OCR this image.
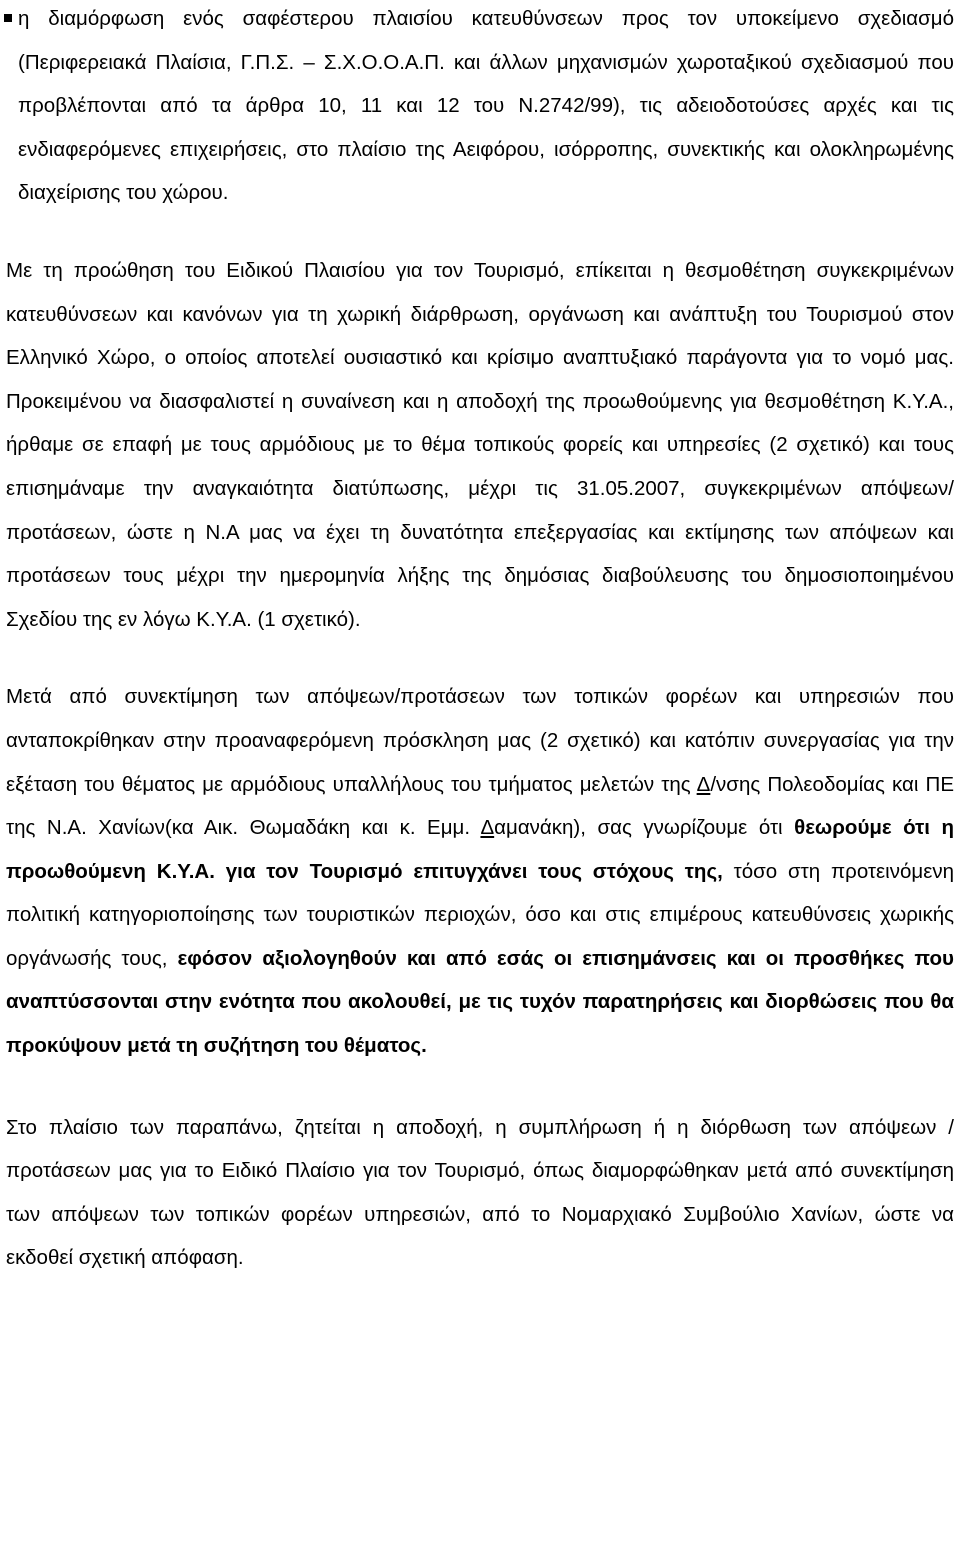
η διαμόρφωση ενός σαφέστερου πλαισίου κατευθύνσεων προς τον υποκείμενο σχεδιασμό (Περιφερειακά Πλαίσια, Γ.Π.Σ. – Σ.Χ.Ο.Ο.Α.Π. και άλλων μηχανισμών χωροταξικού σχεδιασμού που προβλέπονται από τα άρθρα 10, 11 και 12 του Ν.2742/99), τις αδειοδοτούσες αρχές και τις ενδιαφερόμενες επιχειρήσεις, στο πλαίσιο της Αειφόρου, ισόρροπης, συνεκτικής και ολοκληρωμένης διαχείρισης του χώρου.

Με τη προώθηση του Ειδικού Πλαισίου για τον Τουρισμό, επίκειται η θεσμοθέτηση συγκεκριμένων κατευθύνσεων και κανόνων για τη χωρική διάρθρωση, οργάνωση και ανάπτυξη του Τουρισμού στον Ελληνικό Χώρο, ο οποίος αποτελεί ουσιαστικό και κρίσιμο αναπτυξιακό παράγοντα για το νομό μας. Προκειμένου να διασφαλιστεί η συναίνεση και η αποδοχή της προωθούμενης για θεσμοθέτηση Κ.Υ.Α., ήρθαμε σε επαφή με τους αρμόδιους με το θέμα τοπικούς φορείς και υπηρεσίες (2 σχετικό) και τους επισημάναμε την αναγκαιότητα διατύπωσης, μέχρι τις 31.05.2007, συγκεκριμένων απόψεων/προτάσεων, ώστε η Ν.Α μας να έχει τη δυνατότητα επεξεργασίας και εκτίμησης των απόψεων και προτάσεων τους μέχρι την ημερομηνία λήξης της δημόσιας διαβούλευσης του δημοσιοποιημένου Σχεδίου της εν λόγω Κ.Υ.Α. (1 σχετικό).

Μετά από συνεκτίμηση των απόψεων/προτάσεων των τοπικών φορέων και υπηρεσιών που ανταποκρίθηκαν στην προαναφερόμενη πρόσκληση μας (2 σχετικό) και κατόπιν συνεργασίας για την εξέταση του θέματος με αρμόδιους υπαλλήλους του τμήματος μελετών της Δ/νσης Πολεοδομίας και ΠΕ της Ν.Α. Χανίων(κα Αικ. Θωμαδάκη και κ. Εμμ. Δαμανάκη), σας γνωρίζουμε ότι θεωρούμε ότι η προωθούμενη Κ.Υ.Α. για τον Τουρισμό επιτυγχάνει τους στόχους της, τόσο στη προτεινόμενη πολιτική κατηγοριοποίησης των τουριστικών περιοχών, όσο και στις επιμέρους κατευθύνσεις χωρικής οργάνωσής τους, εφόσον αξιολογηθούν και από εσάς οι επισημάνσεις και οι προσθήκες που αναπτύσσονται στην ενότητα που ακολουθεί, με τις τυχόν παρατηρήσεις και διορθώσεις που θα προκύψουν μετά τη συζήτηση του θέματος.

Στο πλαίσιο των παραπάνω, ζητείται η αποδοχή, η συμπλήρωση ή η διόρθωση των απόψεων / προτάσεων μας για το Ειδικό Πλαίσιο για τον Τουρισμό, όπως διαμορφώθηκαν μετά από συνεκτίμηση των απόψεων των τοπικών φορέων υπηρεσιών, από το Νομαρχιακό Συμβούλιο Χανίων, ώστε να εκδοθεί σχετική απόφαση.
